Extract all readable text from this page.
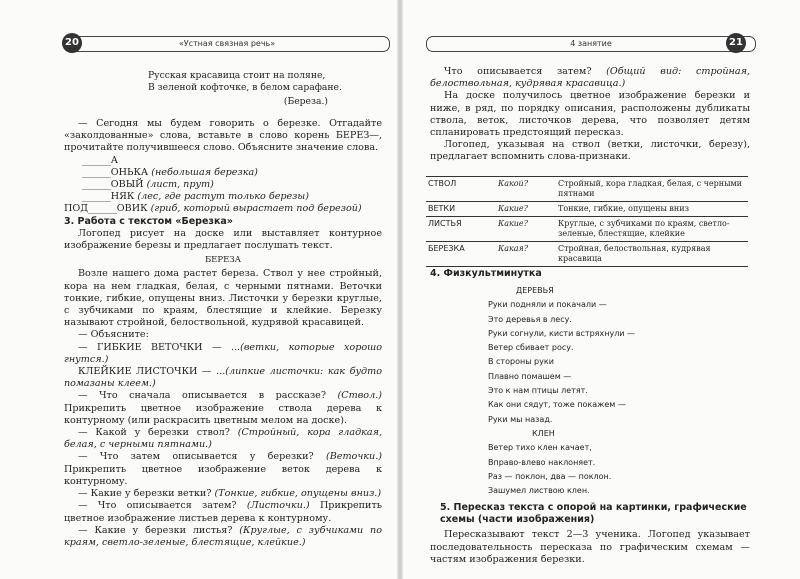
«Устная связная речь»
20
Русская красавица стоит на поляне,
В зеленой кофточке, в белом сарафане.
(Береза.)

— Сегодня мы будем говорить о березке. Отгадайте «заколдованные» слова, вставьте в слово корень БЕРЕЗ—, прочитайте получившееся слово. Объясните значение слова.

______А
______ОНЬКА (небольшая березка)
______ОВЫЙ (лист, прут)
______НЯК (лес, где растут только березы)
ПОД______ОВИК (гриб, который вырастает под березой)

3. Работа с текстом «Березка»

Логопед рисует на доске или выставляет контурное изображение березы и предлагает послушать текст.

БЕРЕЗА

Возле нашего дома растет береза. Ствол у нее стройный, кора на нем гладкая, белая, с черными пятнами. Веточки тонкие, гибкие, опущены вниз. Листочки у березки круглые, с зубчиками по краям, блестящие и клейкие. Березку называют стройной, белоствольной, кудрявой красавицей.

— Объясните:

— ГИБКИЕ ВЕТОЧКИ — ...(ветки, которые хорошо гнутся.)

КЛЕЙКИЕ ЛИСТОЧКИ — ...(липкие листочки: как будто помазаны клеем.)

— Что сначала описывается в рассказе? (Ствол.) Прикрепить цветное изображение ствола дерева к контурному (или раскрасить цветным мелом на доске).

— Какой у березки ствол? (Стройный, кора гладкая, белая, с черными пятнами.)

— Что затем описывается у березки? (Веточки.) Прикрепить цветное изображение веток дерева к контурному.

— Какие у березки ветки? (Тонкие, гибкие, опущены вниз.)

— Что описывается затем? (Листочки.) Прикрепить цветное изображение листьев дерева к контурному.

— Какие у березки листья? (Круглые, с зубчиками по краям, светло-зеленые, блестящие, клейкие.)

4 занятие	21

Что описывается затем? (Общий вид: стройная, белоствольная, кудрявая красавица.)

На доске получилось цветное изображение березки и ниже, в ряд, по порядку описания, расположены дубликаты ствола, веток, листочков дерева, что позволяет детям спланировать предстоящий пересказ.

Логопед, указывая на ствол (ветки, листочки, березу), предлагает вспомнить слова-признаки.

СТВОЛ	Какой?	Стройный, кора гладкая, белая, с черными пятнами
ВЕТКИ	Какие?	Тонкие, гибкие, опущены вниз
ЛИСТЬЯ	Какие?	Круглые, с зубчиками по краям, светло-зеленые, блестящие, клейкие
БЕРЕЗКА	Какая?	Стройная, белоствольная, кудрявая красавица

4. Физкультминутка

ДЕРЕВЬЯ
Руки подняли и покачали —
Это деревья в лесу.
Руки согнули, кисти встряхнули —
Ветер сбивает росу.
В стороны руки
Плавно помашем —
Это к нам птицы летят.
Как они сядут, тоже покажем —
Руки мы назад.
КЛЕН
Ветер тихо клен качает,
Вправо-влево наклоняет.
Раз — поклон, два — поклон.
Зашумел листвою клен.

5. Пересказ текста с опорой на картинки, графические схемы (части изображения)

Пересказывают текст 2—3 ученика. Логопед указывает последовательность пересказа по графическим схемам — частям изображения березки.
